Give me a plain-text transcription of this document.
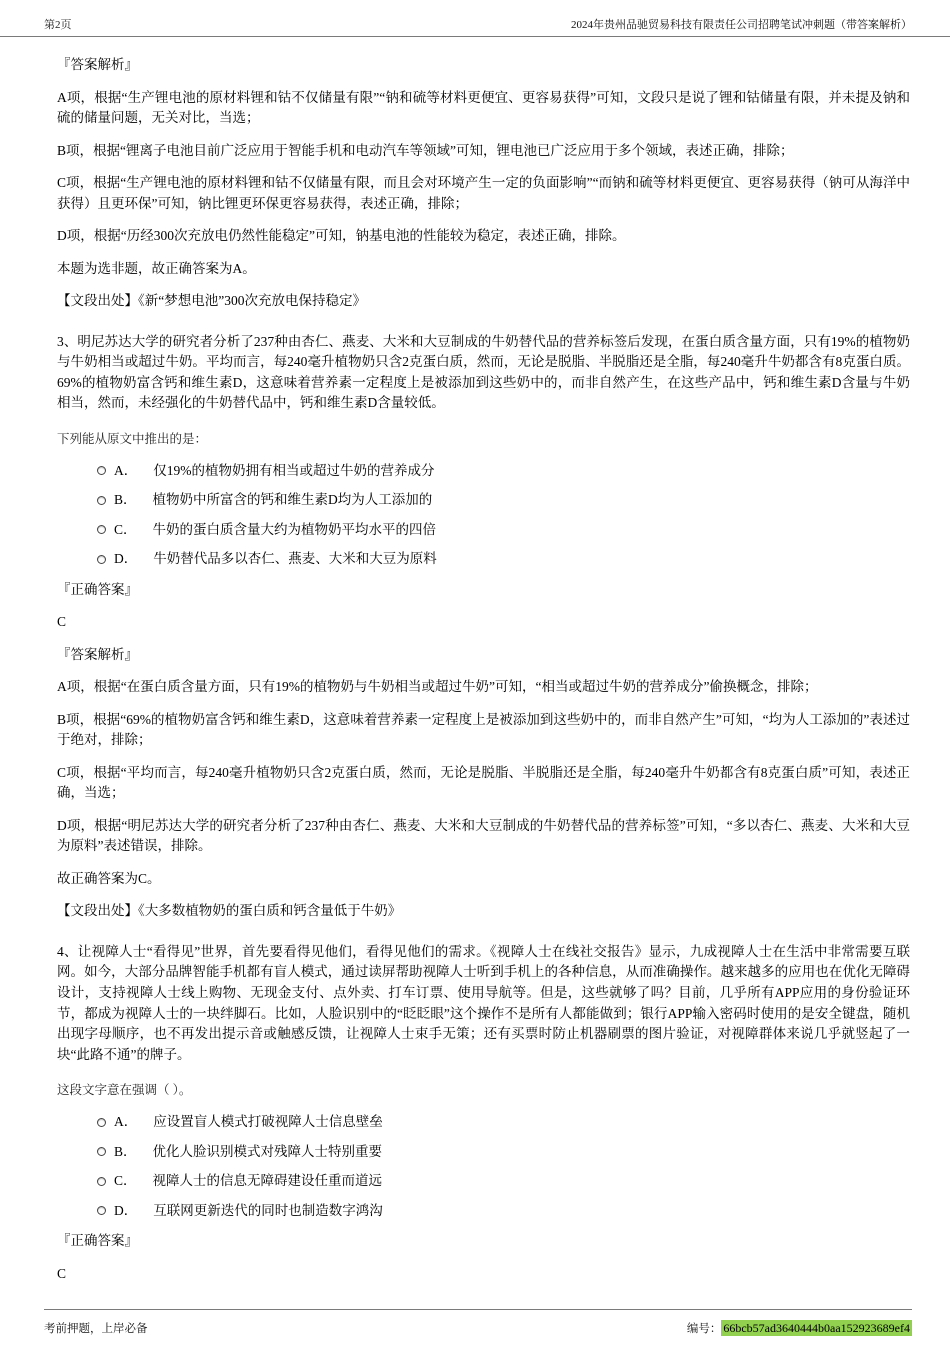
第2页	2024年贵州品驰贸易科技有限责任公司招聘笔试冲刺题（带答案解析）

『答案解析』

A项，根据“生产锂电池的原材料锂和钴不仅储量有限”“钠和硫等材料更便宜、更容易获得”可知，文段只是说了锂和钴储量有限，并未提及钠和硫的储量问题，无关对比，当选；

B项，根据“锂离子电池目前广泛应用于智能手机和电动汽车等领域”可知，锂电池已广泛应用于多个领域，表述正确，排除；

C项，根据“生产锂电池的原材料锂和钴不仅储量有限，而且会对环境产生一定的负面影响”“而钠和硫等材料更便宜、更容易获得（钠可从海洋中获得）且更环保”可知，钠比锂更环保更容易获得，表述正确，排除；

D项，根据“历经300次充放电仍然性能稳定”可知，钠基电池的性能较为稳定，表述正确，排除。

本题为选非题，故正确答案为A。

【文段出处】《新“梦想电池”300次充放电保持稳定》

3、明尼苏达大学的研究者分析了237种由杏仁、燕麦、大米和大豆制成的牛奶替代品的营养标签后发现，在蛋白质含量方面，只有19%的植物奶与牛奶相当或超过牛奶。平均而言，每240毫升植物奶只含2克蛋白质，然而，无论是脱脂、半脱脂还是全脂，每240毫升牛奶都含有8克蛋白质。69%的植物奶富含钙和维生素D，这意味着营养素一定程度上是被添加到这些奶中的，而非自然产生，在这些产品中，钙和维生素D含量与牛奶相当，然而，未经强化的牛奶替代品中，钙和维生素D含量较低。

下列能从原文中推出的是：

A． 仅19%的植物奶拥有相当或超过牛奶的营养成分
B． 植物奶中所富含的钙和维生素D均为人工添加的
C． 牛奶的蛋白质含量大约为植物奶平均水平的四倍
D． 牛奶替代品多以杏仁、燕麦、大米和大豆为原料

『正确答案』

C

『答案解析』

A项，根据“在蛋白质含量方面，只有19%的植物奶与牛奶相当或超过牛奶”可知，“相当或超过牛奶的营养成分”偷换概念，排除；

B项，根据“69%的植物奶富含钙和维生素D，这意味着营养素一定程度上是被添加到这些奶中的，而非自然产生”可知，“均为人工添加的”表述过于绝对，排除；

C项，根据“平均而言，每240毫升植物奶只含2克蛋白质，然而，无论是脱脂、半脱脂还是全脂，每240毫升牛奶都含有8克蛋白质”可知，表述正确，当选；

D项，根据“明尼苏达大学的研究者分析了237种由杏仁、燕麦、大米和大豆制成的牛奶替代品的营养标签”可知，“多以杏仁、燕麦、大米和大豆为原料”表述错误，排除。

故正确答案为C。

【文段出处】《大多数植物奶的蛋白质和钙含量低于牛奶》

4、让视障人士“看得见”世界，首先要看得见他们，看得见他们的需求。《视障人士在线社交报告》显示，九成视障人士在生活中非常需要互联网。如今，大部分品牌智能手机都有盲人模式，通过读屏帮助视障人士听到手机上的各种信息，从而准确操作。越来越多的应用也在优化无障碍设计，支持视障人士线上购物、无现金支付、点外卖、打车订票、使用导航等。但是，这些就够了吗？目前，几乎所有APP应用的身份验证环节，都成为视障人士的一块绊脚石。比如，人脸识别中的“眨眨眼”这个操作不是所有人都能做到；银行APP输入密码时使用的是安全键盘，随机出现字母顺序，也不再发出提示音或触感反馈，让视障人士束手无策；还有买票时防止机器刷票的图片验证，对视障群体来说几乎就竖起了一块“此路不通”的牌子。

这段文字意在强调（ ）。

A． 应设置盲人模式打破视障人士信息壁垒
B． 优化人脸识别模式对残障人士特别重要
C． 视障人士的信息无障碍建设任重而道远
D． 互联网更新迭代的同时也制造数字鸿沟

『正确答案』

C

考前押题，上岸必备	编号： 66bcb57ad3640444b0aa152923689ef4
